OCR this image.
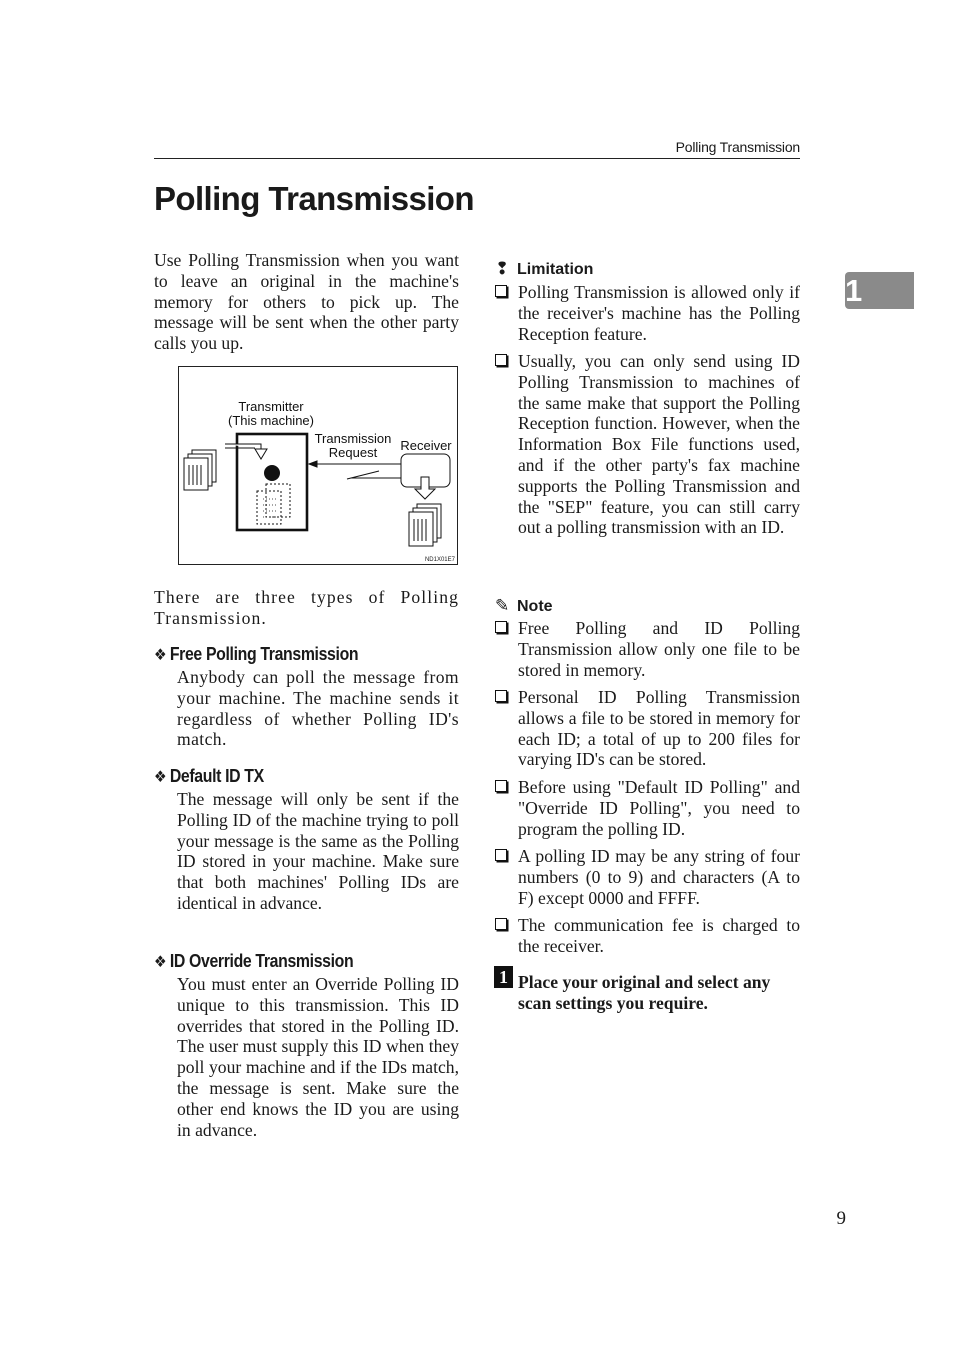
Polling Transmission
Polling Transmission
1
Use Polling Transmission when you want to leave an original in the machine's memory for others to pick up. The message will be sent when the other party calls you up.
Transmitter
(This machine)
Transmission
Request	Receiver
ND1X01E7
There are three types of Polling Transmission.
❖ Free Polling Transmission
Anybody can poll the message from your machine. The machine sends it regardless of whether Polling ID's match.
❖ Default ID TX
The message will only be sent if the Polling ID of the machine trying to poll your message is the same as the Polling ID stored in your machine. Make sure that both machines' Polling IDs are identical in advance.
❖ ID Override Transmission
You must enter an Override Polling ID unique to this transmission. This ID overrides that stored in the Polling ID. The user must supply this ID when they poll your machine and if the IDs match, the message is sent. Make sure the other end knows the ID you are using in advance.
❢ Limitation
Polling Transmission is allowed only if the receiver's machine has the Polling Reception feature.
Usually, you can only send using ID Polling Transmission to machines of the same make that support the Polling Reception function. However, when the Information Box File functions used, and if the other party's fax machine supports the Polling Transmission and the "SEP" feature, you can still carry out a polling transmission with an ID.
✎ Note
Free Polling and ID Polling Transmission allow only one file to be stored in memory.
Personal ID Polling Transmission allows a file to be stored in memory for each ID; a total of up to 200 files for varying ID's can be stored.
Before using "Default ID Polling" and "Override ID Polling", you need to program the polling ID.
A polling ID may be any string of four numbers (0 to 9) and characters (A to F) except 0000 and FFFF.
The communication fee is charged to the receiver.
1 Place your original and select any scan settings you require.
9
